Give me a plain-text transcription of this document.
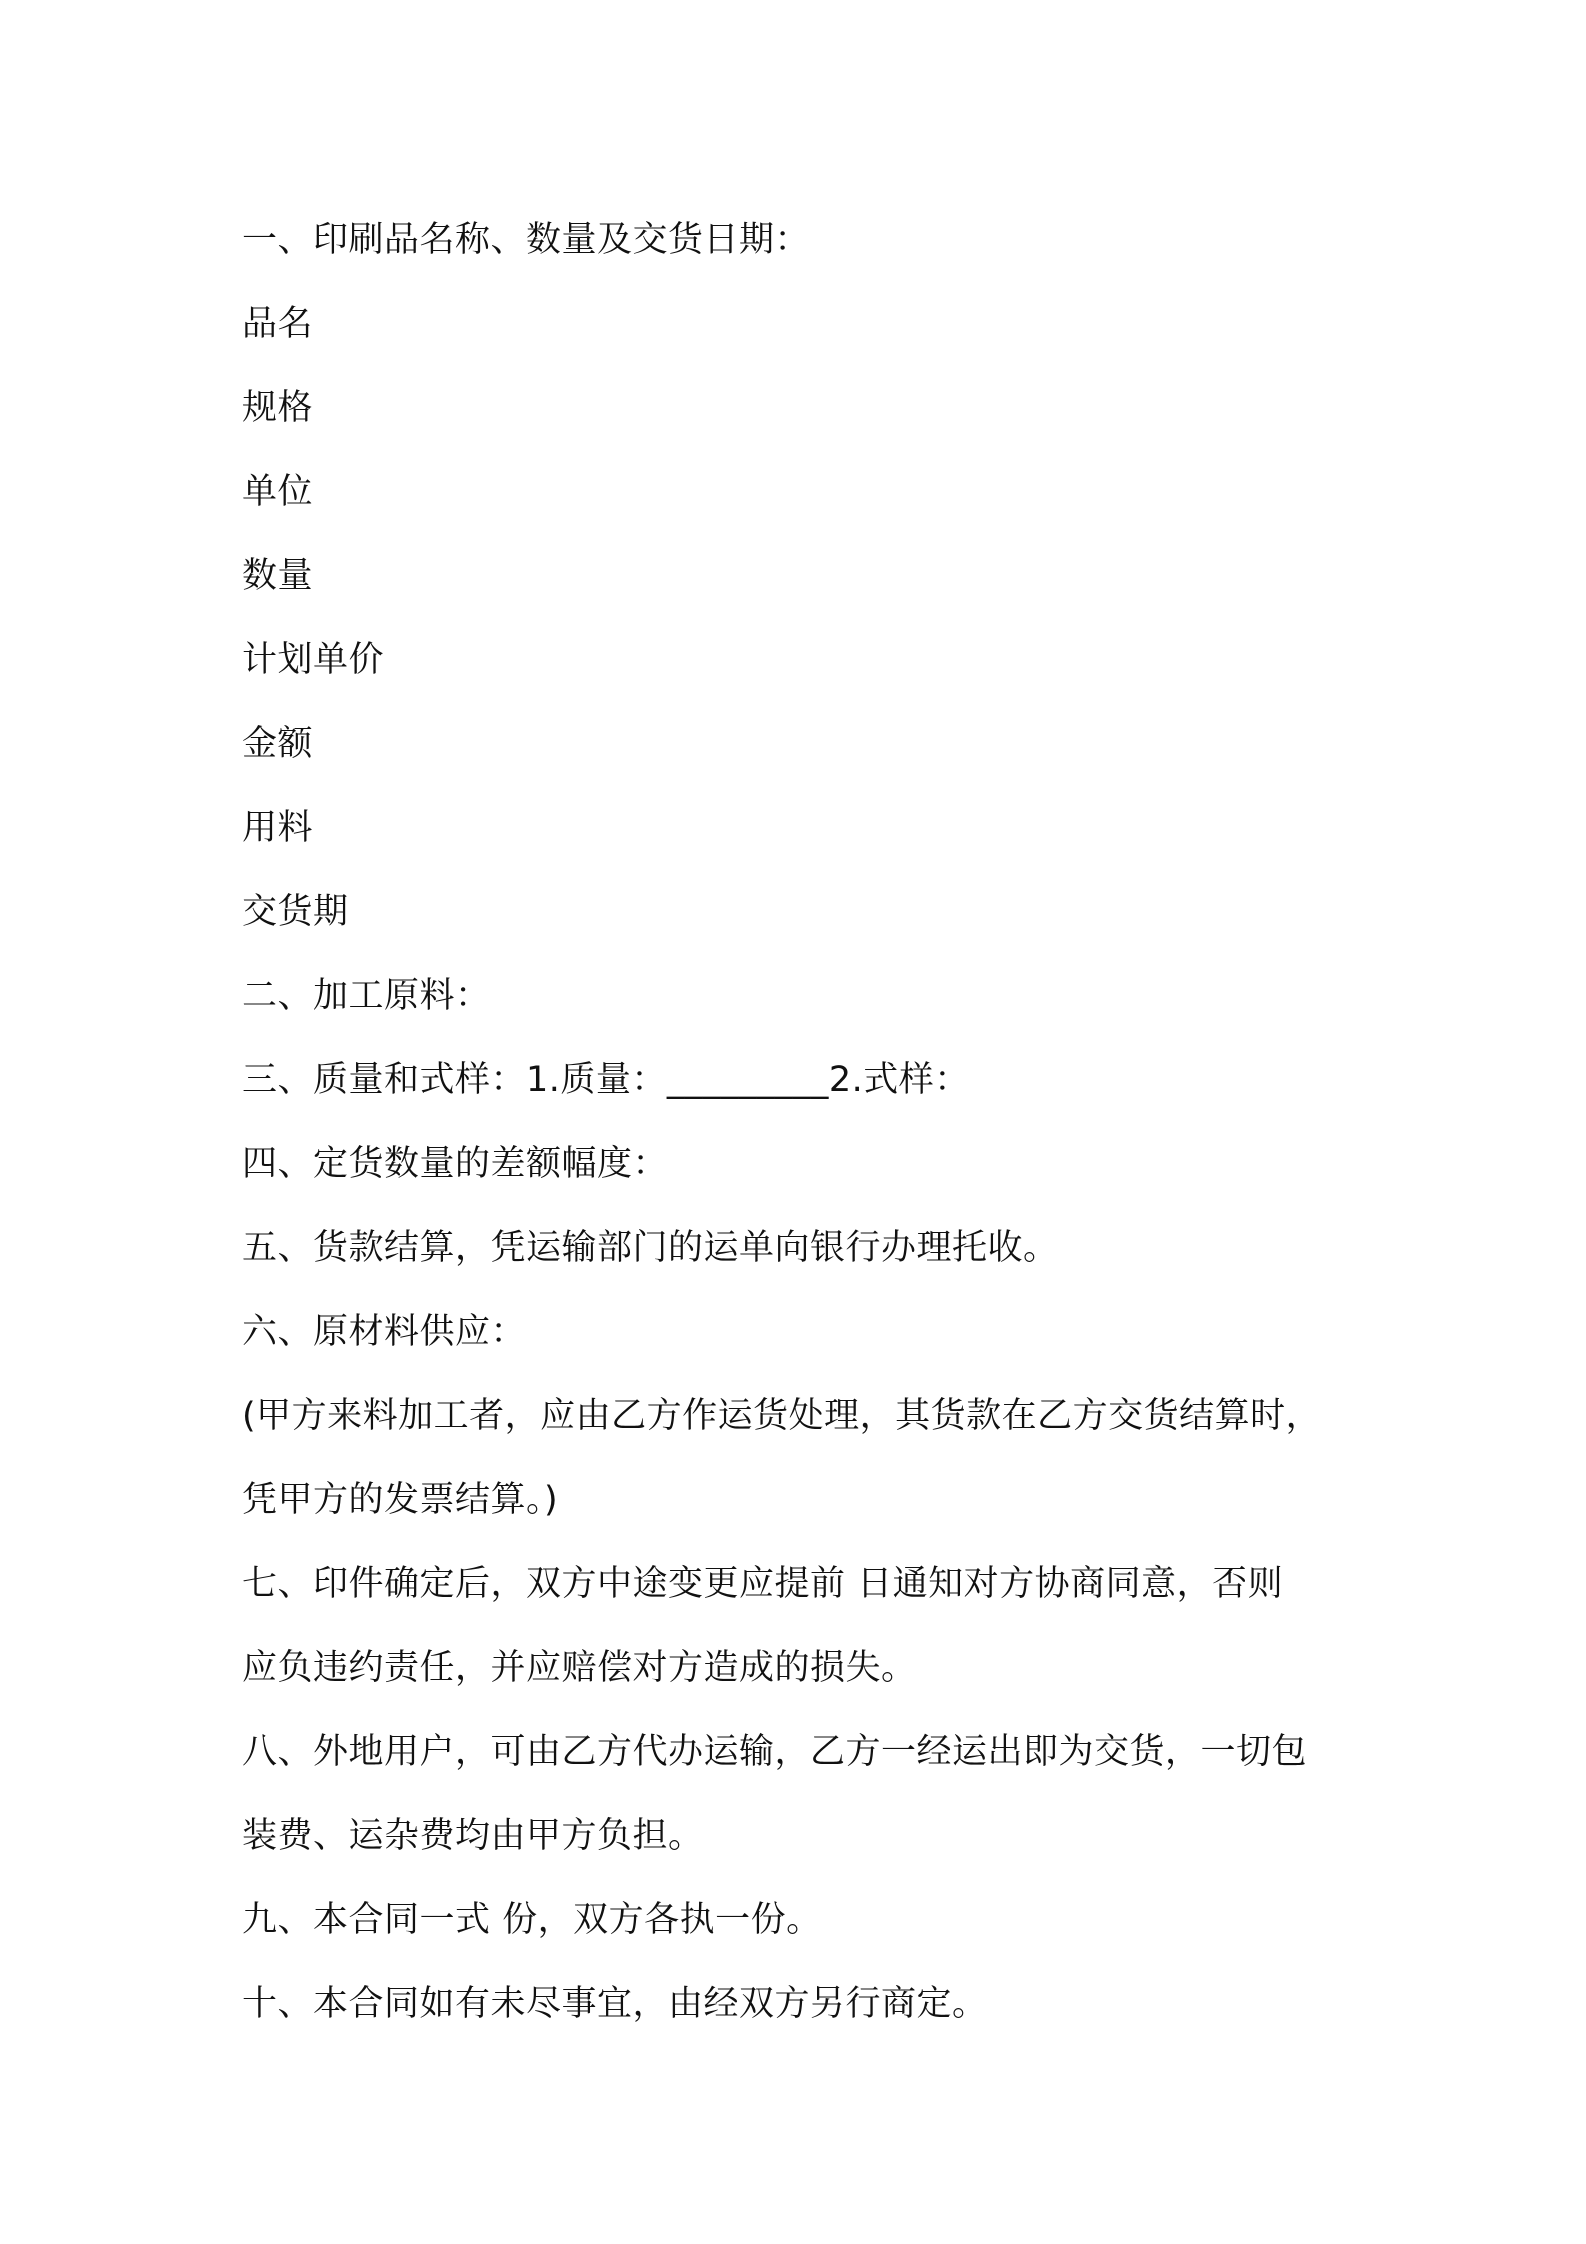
一、印刷品名称、数量及交货日期：
品名
规格
单位
数量
计划单价
金额
用料
交货期
二、加工原料：
三、质量和式样：1.质量：_________2.式样：
四、定货数量的差额幅度：
五、货款结算，凭运输部门的运单向银行办理托收。
六、原材料供应：
(甲方来料加工者，应由乙方作运货处理，其货款在乙方交货结算时，
凭甲方的发票结算。)
七、印件确定后，双方中途变更应提前 日通知对方协商同意，否则
应负违约责任，并应赔偿对方造成的损失。
八、外地用户，可由乙方代办运输，乙方一经运出即为交货，一切包
装费、运杂费均由甲方负担。
九、本合同一式 份，双方各执一份。
十、本合同如有未尽事宜，由经双方另行商定。
